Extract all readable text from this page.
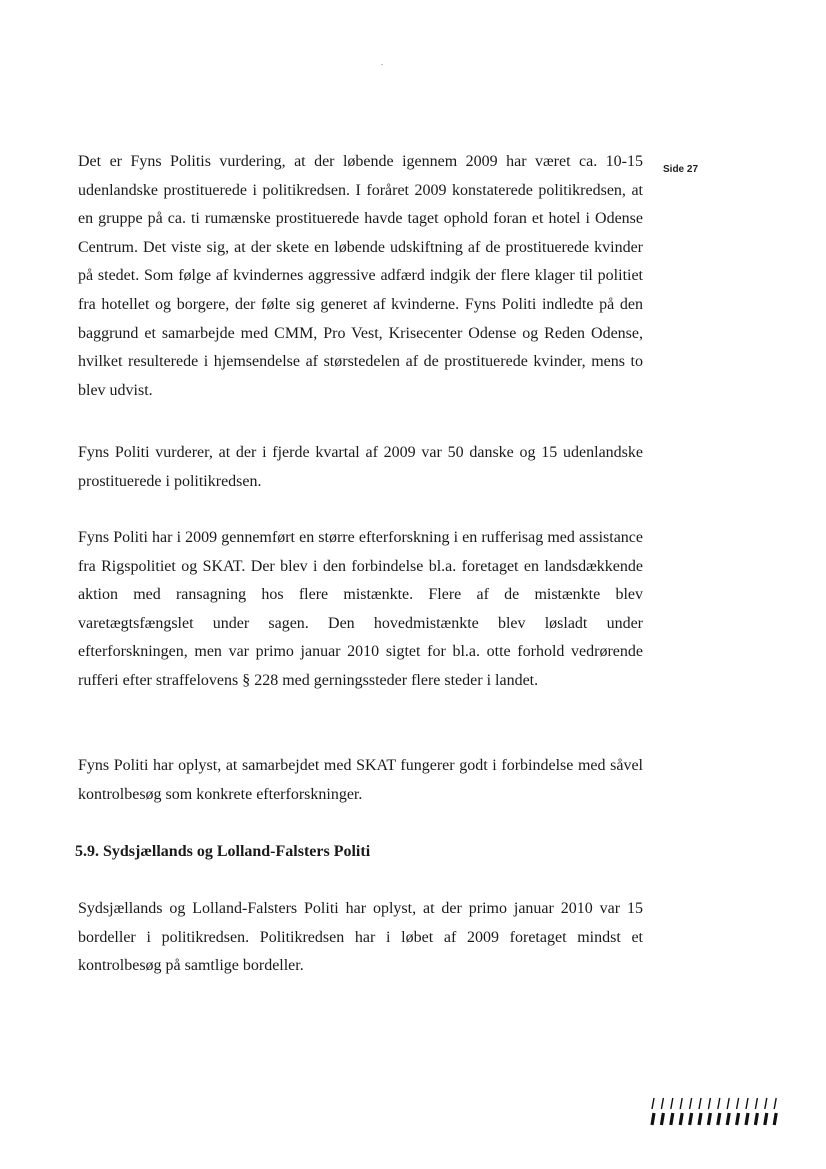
Side 27
Det er Fyns Politis vurdering, at der løbende igennem 2009 har været ca. 10-15 udenlandske prostituerede i politikredsen. I foråret 2009 konstaterede politikredsen, at en gruppe på ca. ti rumænske prostituerede havde taget ophold foran et hotel i Odense Centrum. Det viste sig, at der skete en løbende udskiftning af de prostituerede kvinder på stedet. Som følge af kvindernes aggressive adfærd indgik der flere klager til politiet fra hotellet og borgere, der følte sig generet af kvinderne. Fyns Politi indledte på den baggrund et samarbejde med CMM, Pro Vest, Krisecenter Odense og Reden Odense, hvilket resulterede i hjemsendelse af størstedelen af de prostituerede kvinder, mens to blev udvist.
Fyns Politi vurderer, at der i fjerde kvartal af 2009 var 50 danske og 15 udenlandske prostituerede i politikredsen.
Fyns Politi har i 2009 gennemført en større efterforskning i en rufferisag med assistance fra Rigspolitiet og SKAT. Der blev i den forbindelse bl.a. foretaget en landsdækkende aktion med ransagning hos flere mistænkte. Flere af de mistænkte blev varetægtsfængslet under sagen. Den hovedmistænkte blev løsladt under efterforskningen, men var primo januar 2010 sigtet for bl.a. otte forhold vedrørende rufferi efter straffelovens § 228 med gerningssteder flere steder i landet.
Fyns Politi har oplyst, at samarbejdet med SKAT fungerer godt i forbindelse med såvel kontrolbesøg som konkrete efterforskninger.
5.9. Sydsjællands og Lolland-Falsters Politi
Sydsjællands og Lolland-Falsters Politi har oplyst, at der primo januar 2010 var 15 bordeller i politikredsen. Politikredsen har i løbet af 2009 foretaget mindst et kontrolbesøg på samtlige bordeller.
